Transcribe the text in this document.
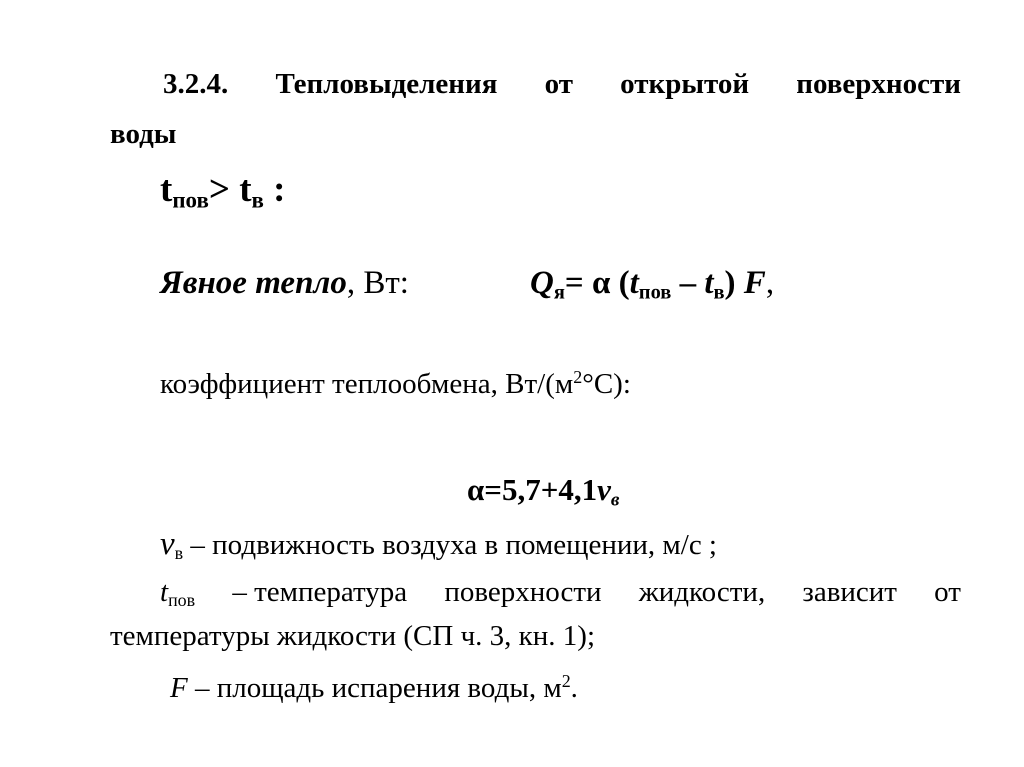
3.2.4. Тепловыделения от открытой поверхности
воды
$t_{пов}> t_в$ :
Явное тепло, Вт:	$Q_я= \alpha$ $(t_{пов} - t_в)$ F,
коэффициент теплообмена, $Вт/(м^2^\circ С)$:
$\alpha=5,7+4,1v_в$
$v_в$ – подвижность воздуха в помещении, м/с ;
$t_{пов}$ – температура поверхности жидкости, зависит от
температуры жидкости (СП ч. 3, кн. 1);
F – площадь испарения воды, $м^2$.
